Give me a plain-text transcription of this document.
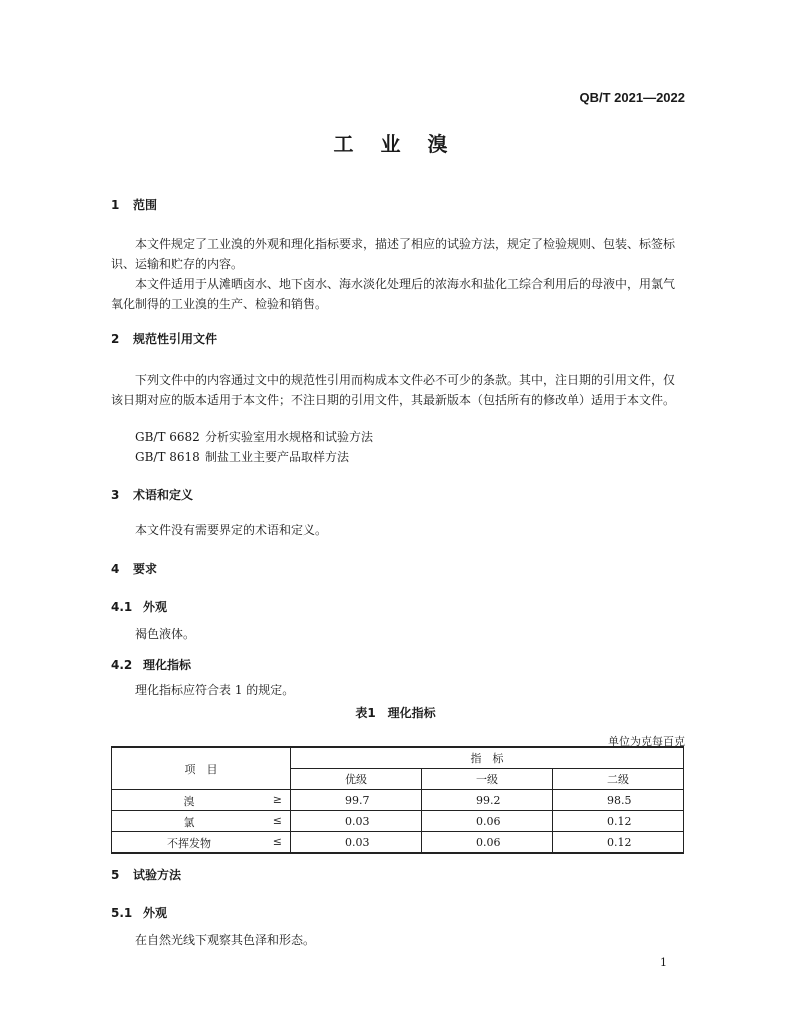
QB/T 2021—2022
工 业 溴
1 范围
本文件规定了工业溴的外观和理化指标要求，描述了相应的试验方法，规定了检验规则、包装、标签标识、运输和贮存的内容。
本文件适用于从滩晒卤水、地下卤水、海水淡化处理后的浓海水和盐化工综合利用后的母液中，用氯气氧化制得的工业溴的生产、检验和销售。
2 规范性引用文件
下列文件中的内容通过文中的规范性引用而构成本文件必不可少的条款。其中，注日期的引用文件，仅该日期对应的版本适用于本文件；不注日期的引用文件，其最新版本（包括所有的修改单）适用于本文件。
GB/T 6682 分析实验室用水规格和试验方法
GB/T 8618 制盐工业主要产品取样方法
3 术语和定义
本文件没有需要界定的术语和定义。
4 要求
4.1 外观
褐色液体。
4.2 理化指标
理化指标应符合表 1 的规定。
表1　理化指标
单位为克每百克
项　目	指　标		
	优级	一级	二级

溴 ≥	99.7	99.2	98.5

氯 ≤	0.03	0.06	0.12

不挥发物 ≤	0.03	0.06	0.12
5 试验方法
5.1 外观
在自然光线下观察其色泽和形态。
1
